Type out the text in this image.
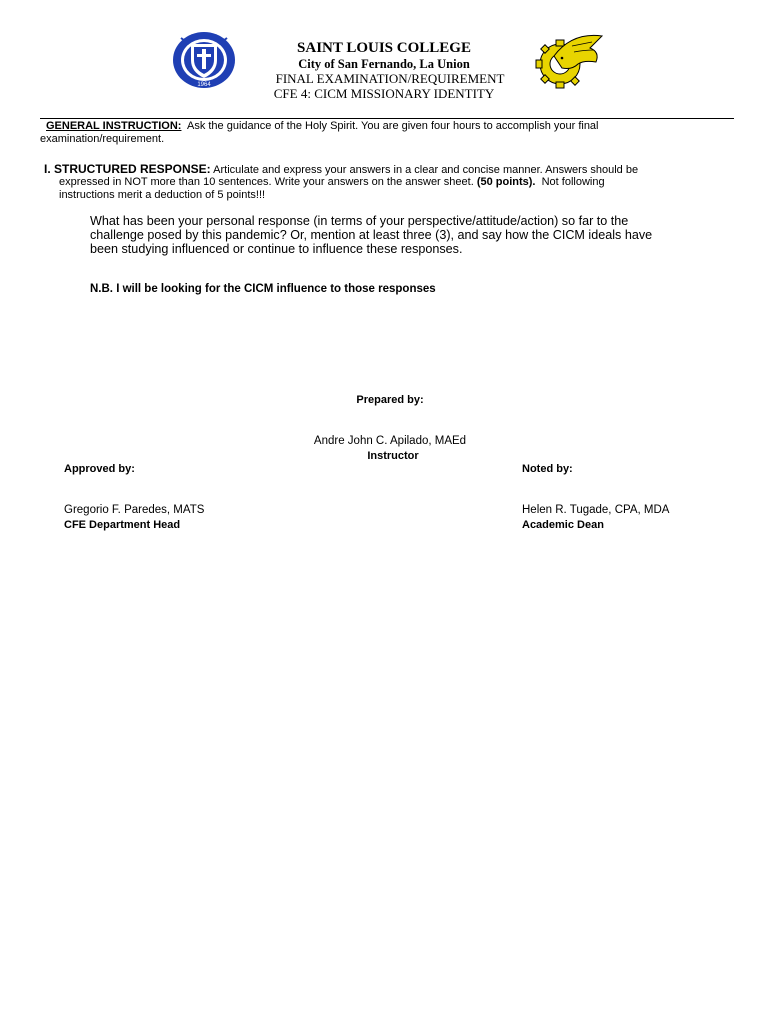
1964
SAINT LOUIS COLLEGE
City of San Fernando, La Union
FINAL EXAMINATION/REQUIREMENT
CFE 4: CICM MISSIONARY IDENTITY
GENERAL INSTRUCTION: Ask the guidance of the Holy Spirit. You are given four hours to accomplish your final
examination/requirement.
I. STRUCTURED RESPONSE: Articulate and express your answers in a clear and concise manner. Answers should be
expressed in NOT more than 10 sentences. Write your answers on the answer sheet. (50 points). Not following
instructions merit a deduction of 5 points!!!
What has been your personal response (in terms of your perspective/attitude/action) so far to the
challenge posed by this pandemic? Or, mention at least three (3), and say how the CICM ideals have
been studying influenced or continue to influence these responses.
N.B. I will be looking for the CICM influence to those responses
Prepared by:
Andre John C. Apilado, MAEd
Instructor
Approved by:
Gregorio F. Paredes, MATS
CFE Department Head
Noted by:
Helen R. Tugade, CPA, MDA
Academic Dean
